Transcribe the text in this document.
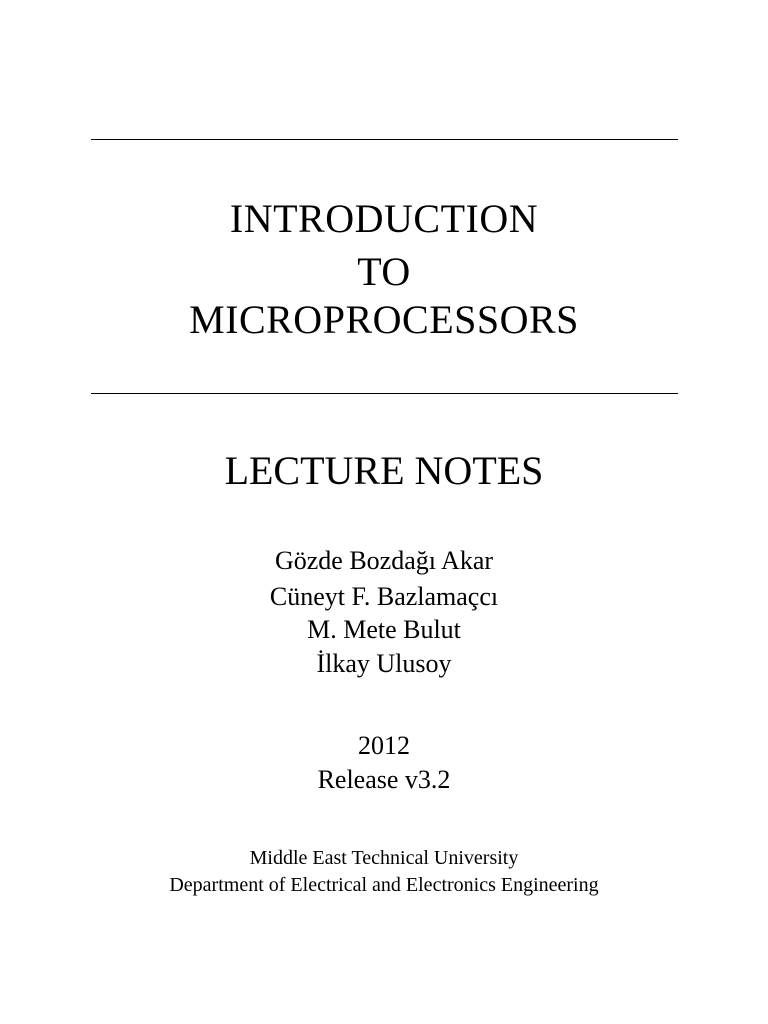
INTRODUCTION
TO
MICROPROCESSORS
LECTURE NOTES
Gözde Bozdağı Akar
Cüneyt F. Bazlamaçcı
M. Mete Bulut
İlkay Ulusoy
2012
Release v3.2
Middle East Technical University
Department of Electrical and Electronics Engineering
